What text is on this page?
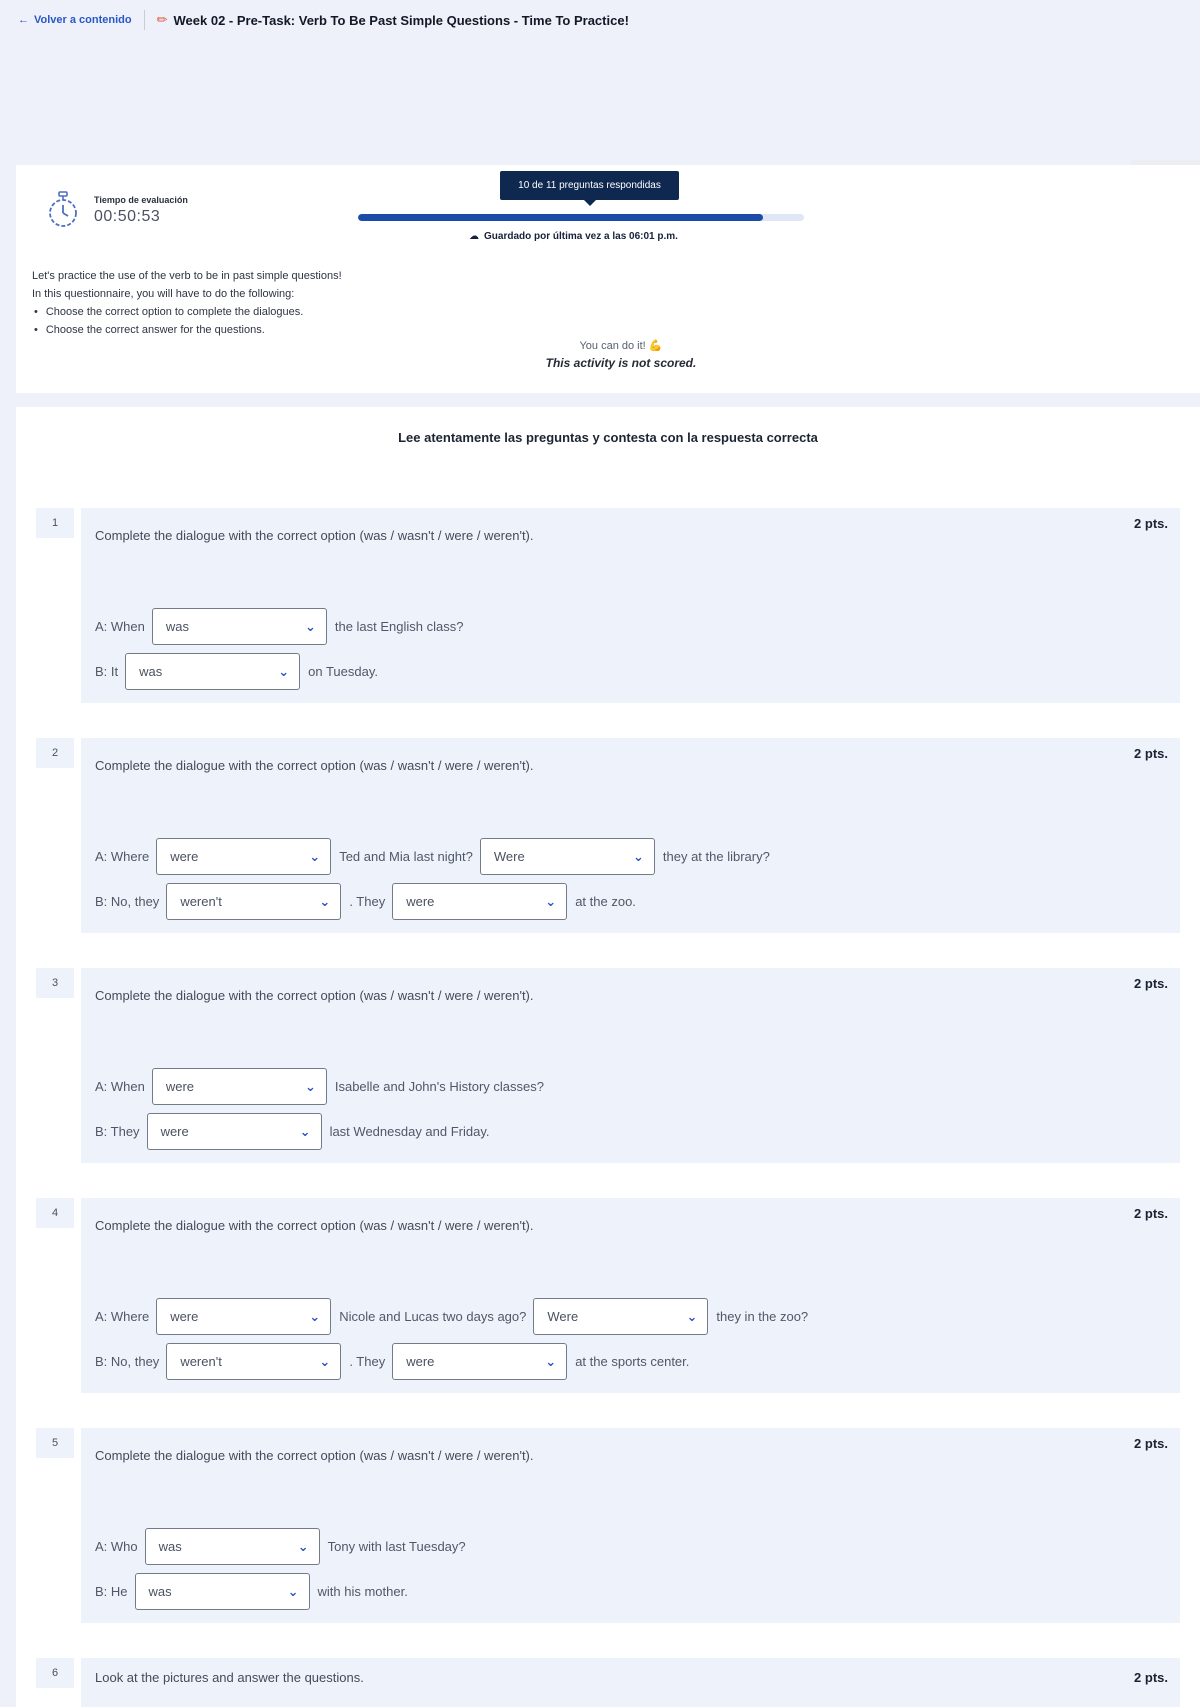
← Volver a contenido ✏ Week 02 - Pre-Task: Verb To Be Past Simple Questions - Time To Practice!
Tiempo de evaluación
00:50:53
10 de 11 preguntas respondidas
☁ Guardado por última vez a las 06:01 p.m.
Let's practice the use of the verb to be in past simple questions!
In this questionnaire, you will have to do the following:
• Choose the correct option to complete the dialogues.
• Choose the correct answer for the questions.
You can do it! 💪
This activity is not scored.
Lee atentamente las preguntas y contesta con la respuesta correcta
1
Complete the dialogue with the correct option (was / wasn't / were / weren't).
2 pts.
A: When was	⌄ the last English class?
B: It was	⌄ on Tuesday.
2
Complete the dialogue with the correct option (was / wasn't / were / weren't).
2 pts.
A: Where were	⌄ Ted and Mia last night? Were	⌄ they at the library?
B: No, they weren't	⌄ . They were	⌄ at the zoo.
3
Complete the dialogue with the correct option (was / wasn't / were / weren't).
2 pts.
A: When were	⌄ Isabelle and John's History classes?
B: They were	⌄ last Wednesday and Friday.
4
Complete the dialogue with the correct option (was / wasn't / were / weren't).
2 pts.
A: Where were	⌄ Nicole and Lucas two days ago? Were	⌄ they in the zoo?
B: No, they weren't	⌄ . They were	⌄ at the sports center.
5
Complete the dialogue with the correct option (was / wasn't / were / weren't).
2 pts.
A: Who was	⌄ Tony with last Tuesday?
B: He was	⌄ with his mother.
6	Look at the pictures and answer the questions.	2 pts.
